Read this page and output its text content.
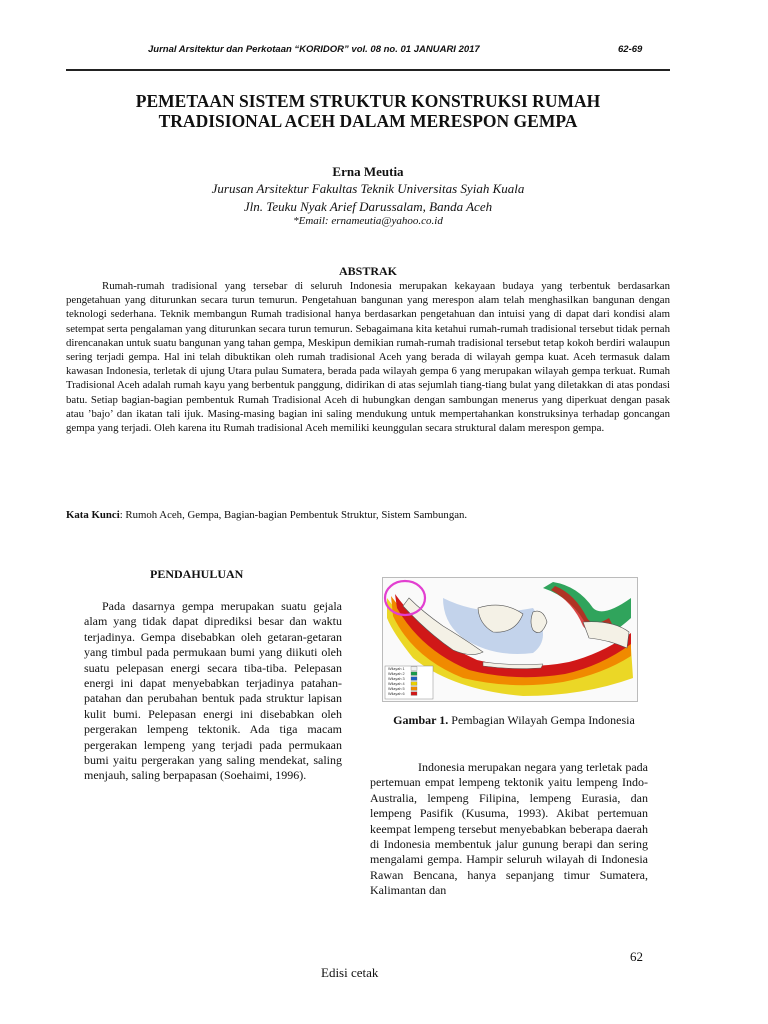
Jurnal Arsitektur dan Perkotaan “KORIDOR” vol. 08 no. 01 JANUARI 2017	62-69
PEMETAAN SISTEM STRUKTUR KONSTRUKSI RUMAH
TRADISIONAL ACEH DALAM MERESPON GEMPA
Erna Meutia
Jurusan Arsitektur Fakultas Teknik Universitas Syiah Kuala
Jln. Teuku Nyak Arief Darussalam, Banda Aceh
*Email: ernameutia@yahoo.co.id
ABSTRAK

Rumah-rumah tradisional yang tersebar di seluruh Indonesia merupakan kekayaan budaya yang terbentuk berdasarkan pengetahuan yang diturunkan secara turun temurun. Pengetahuan bangunan yang merespon alam telah menghasilkan bangunan dengan teknologi sederhana. Teknik membangun Rumah tradisional hanya berdasarkan pengetahuan dan intuisi yang di dapat dari kondisi alam setempat serta pengalaman yang diturunkan secara turun temurun. Sebagaimana kita ketahui rumah-rumah tradisional tersebut tidak pernah direncanakan untuk suatu bangunan yang tahan gempa, Meskipun demikian rumah-rumah tradisional tersebut tetap kokoh berdiri walaupun sering terjadi gempa. Hal ini telah dibuktikan oleh rumah tradisional Aceh yang berada di wilayah gempa kuat. Aceh termasuk dalam kawasan Indonesia, terletak di ujung Utara pulau Sumatera, berada pada wilayah gempa 6 yang merupakan wilayah gempa terkuat. Rumah Tradisional Aceh adalah rumah kayu yang berbentuk panggung, didirikan di atas sejumlah tiang-tiang bulat yang diletakkan di atas pondasi batu. Setiap bagian-bagian pembentuk Rumah Tradisional Aceh di hubungkan dengan sambungan menerus yang diperkuat dengan pasak atau ’bajo’ dan ikatan tali ijuk. Masing-masing bagian ini saling mendukung untuk mempertahankan konstruksinya terhadap goncangan gempa yang terjadi. Oleh karena itu Rumah tradisional Aceh memiliki keunggulan secara struktural dalam merespon gempa.

Kata Kunci: Rumoh Aceh, Gempa, Bagian-bagian Pembentuk Struktur, Sistem Sambungan.
PENDAHULUAN

Pada dasarnya gempa merupakan suatu gejala alam yang tidak dapat diprediksi besar dan waktu terjadinya. Gempa disebabkan oleh getaran-getaran yang timbul pada permukaan bumi yang diikuti oleh suatu pelepasan energi secara tiba-tiba. Pelepasan energi ini dapat menyebabkan terjadinya patahan-patahan dan perubahan bentuk pada struktur lapisan kulit bumi. Pelepasan energi ini disebabkan oleh pergerakan lempeng tektonik. Ada tiga macam pergerakan lempeng yang terjadi pada permukaan bumi yaitu pergerakan yang saling mendekat, saling menjauh, saling berpapasan (Soehaimi, 1996).

Wilayah 1
Wilayah 2
Wilayah 3
Wilayah 4
Wilayah 5
Wilayah 6
Gambar 1. Pembagian Wilayah Gempa Indonesia

Indonesia merupakan negara yang terletak pada pertemuan empat lempeng tektonik yaitu lempeng Indo-Australia, lempeng Filipina, lempeng Eurasia, dan lempeng Pasifik (Kusuma, 1993). Akibat pertemuan keempat lempeng tersebut menyebabkan beberapa daerah di Indonesia membentuk jalur gunung berapi dan sering mengalami gempa. Hampir seluruh wilayah di Indonesia Rawan Bencana, hanya sepanjang timur Sumatera, Kalimantan dan

62
Edisi cetak
